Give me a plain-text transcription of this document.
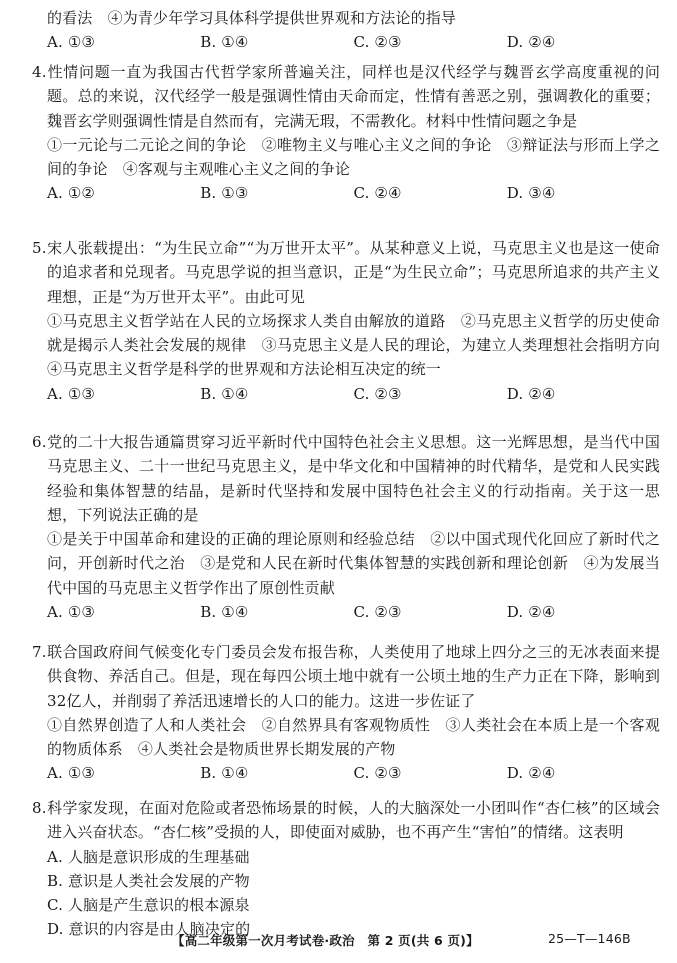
的看法　④为青少年学习具体科学提供世界观和方法论的指导

A. ①③	B. ①④	C. ②③	D. ②④

4.性情问题一直为我国古代哲学家所普遍关注，同样也是汉代经学与魏晋玄学高度重视的问题。总的来说，汉代经学一般是强调性情由天命而定，性情有善恶之别，强调教化的重要；魏晋玄学则强调性情是自然而有，完满无瑕，不需教化。材料中性情问题之争是

①一元论与二元论之间的争论　②唯物主义与唯心主义之间的争论　③辩证法与形而上学之间的争论　④客观与主观唯心主义之间的争论

A. ①②	B. ①③	C. ②④	D. ③④

5.宋人张载提出：“为生民立命”“为万世开太平”。从某种意义上说，马克思主义也是这一使命的追求者和兑现者。马克思学说的担当意识，正是“为生民立命”；马克思所追求的共产主义理想，正是“为万世开太平”。由此可见

①马克思主义哲学站在人民的立场探求人类自由解放的道路　②马克思主义哲学的历史使命就是揭示人类社会发展的规律　③马克思主义是人民的理论，为建立人类理想社会指明方向　④马克思主义哲学是科学的世界观和方法论相互决定的统一

A. ①③	B. ①④	C. ②③	D. ②④

6.党的二十大报告通篇贯穿习近平新时代中国特色社会主义思想。这一光辉思想，是当代中国马克思主义、二十一世纪马克思主义，是中华文化和中国精神的时代精华，是党和人民实践经验和集体智慧的结晶，是新时代坚持和发展中国特色社会主义的行动指南。关于这一思想，下列说法正确的是

①是关于中国革命和建设的正确的理论原则和经验总结　②以中国式现代化回应了新时代之问，开创新时代之治　③是党和人民在新时代集体智慧的实践创新和理论创新　④为发展当代中国的马克思主义哲学作出了原创性贡献

A. ①③	B. ①④	C. ②③	D. ②④

7.联合国政府间气候变化专门委员会发布报告称，人类使用了地球上四分之三的无冰表面来提供食物、养活自己。但是，现在每四公顷土地中就有一公顷土地的生产力正在下降，影响到32亿人，并削弱了养活迅速增长的人口的能力。这进一步佐证了

①自然界创造了人和人类社会　②自然界具有客观物质性　③人类社会在本质上是一个客观的物质体系　④人类社会是物质世界长期发展的产物

A. ①③	B. ①④	C. ②③	D. ②④

8.科学家发现，在面对危险或者恐怖场景的时候，人的大脑深处一小团叫作“杏仁核”的区域会进入兴奋状态。“杏仁核”受损的人，即使面对威胁，也不再产生“害怕”的情绪。这表明

A. 人脑是意识形成的生理基础
B. 意识是人类社会发展的产物
C. 人脑是产生意识的根本源泉
D. 意识的内容是由人脑决定的
【高二年级第一次月考试卷·政治　第 2 页(共 6 页)】	25—T—146B
